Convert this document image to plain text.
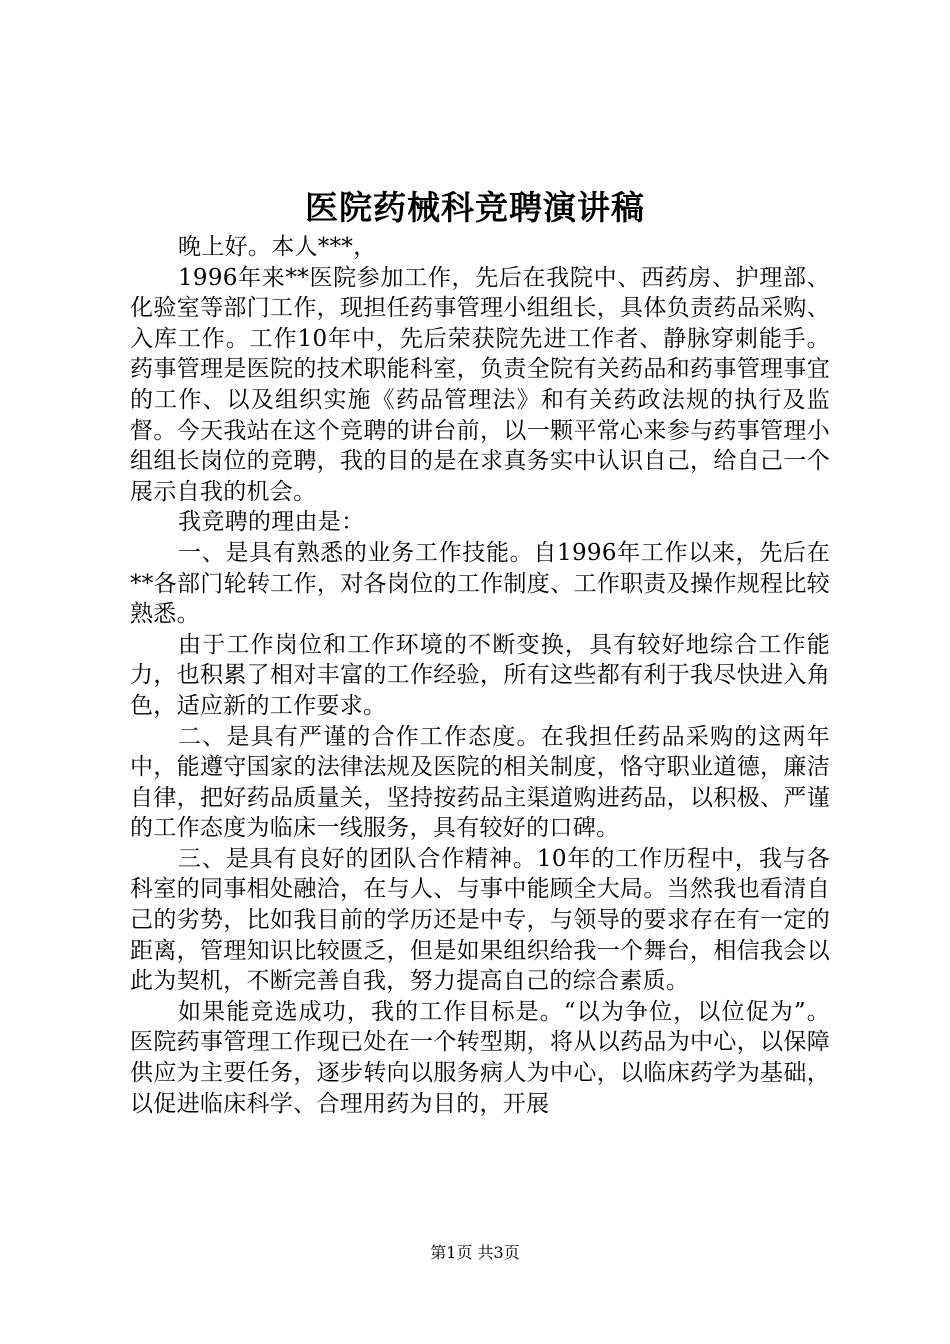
医院药械科竞聘演讲稿

晚上好。本人***，

1996年来**医院参加工作，先后在我院中、西药房、护理部、化验室等部门工作，现担任药事管理小组组长，具体负责药品采购、入库工作。工作10年中，先后荣获院先进工作者、静脉穿刺能手。药事管理是医院的技术职能科室，负责全院有关药品和药事管理事宜的工作、以及组织实施《药品管理法》和有关药政法规的执行及监督。今天我站在这个竞聘的讲台前，以一颗平常心来参与药事管理小组组长岗位的竞聘，我的目的是在求真务实中认识自己，给自己一个展示自我的机会。

我竞聘的理由是：

一、是具有熟悉的业务工作技能。自1996年工作以来，先后在**各部门轮转工作，对各岗位的工作制度、工作职责及操作规程比较熟悉。

由于工作岗位和工作环境的不断变换，具有较好地综合工作能力，也积累了相对丰富的工作经验，所有这些都有利于我尽快进入角色，适应新的工作要求。

二、是具有严谨的合作工作态度。在我担任药品采购的这两年中，能遵守国家的法律法规及医院的相关制度，恪守职业道德，廉洁自律，把好药品质量关，坚持按药品主渠道购进药品，以积极、严谨的工作态度为临床一线服务，具有较好的口碑。

三、是具有良好的团队合作精神。10年的工作历程中，我与各科室的同事相处融洽，在与人、与事中能顾全大局。当然我也看清自己的劣势，比如我目前的学历还是中专，与领导的要求存在有一定的距离，管理知识比较匮乏，但是如果组织给我一个舞台，相信我会以此为契机，不断完善自我，努力提高自己的综合素质。

如果能竞选成功，我的工作目标是。“以为争位，以位促为”。医院药事管理工作现已处在一个转型期，将从以药品为中心，以保障供应为主要任务，逐步转向以服务病人为中心，以临床药学为基础，以促进临床科学、合理用药为目的，开展

第1页 共3页
